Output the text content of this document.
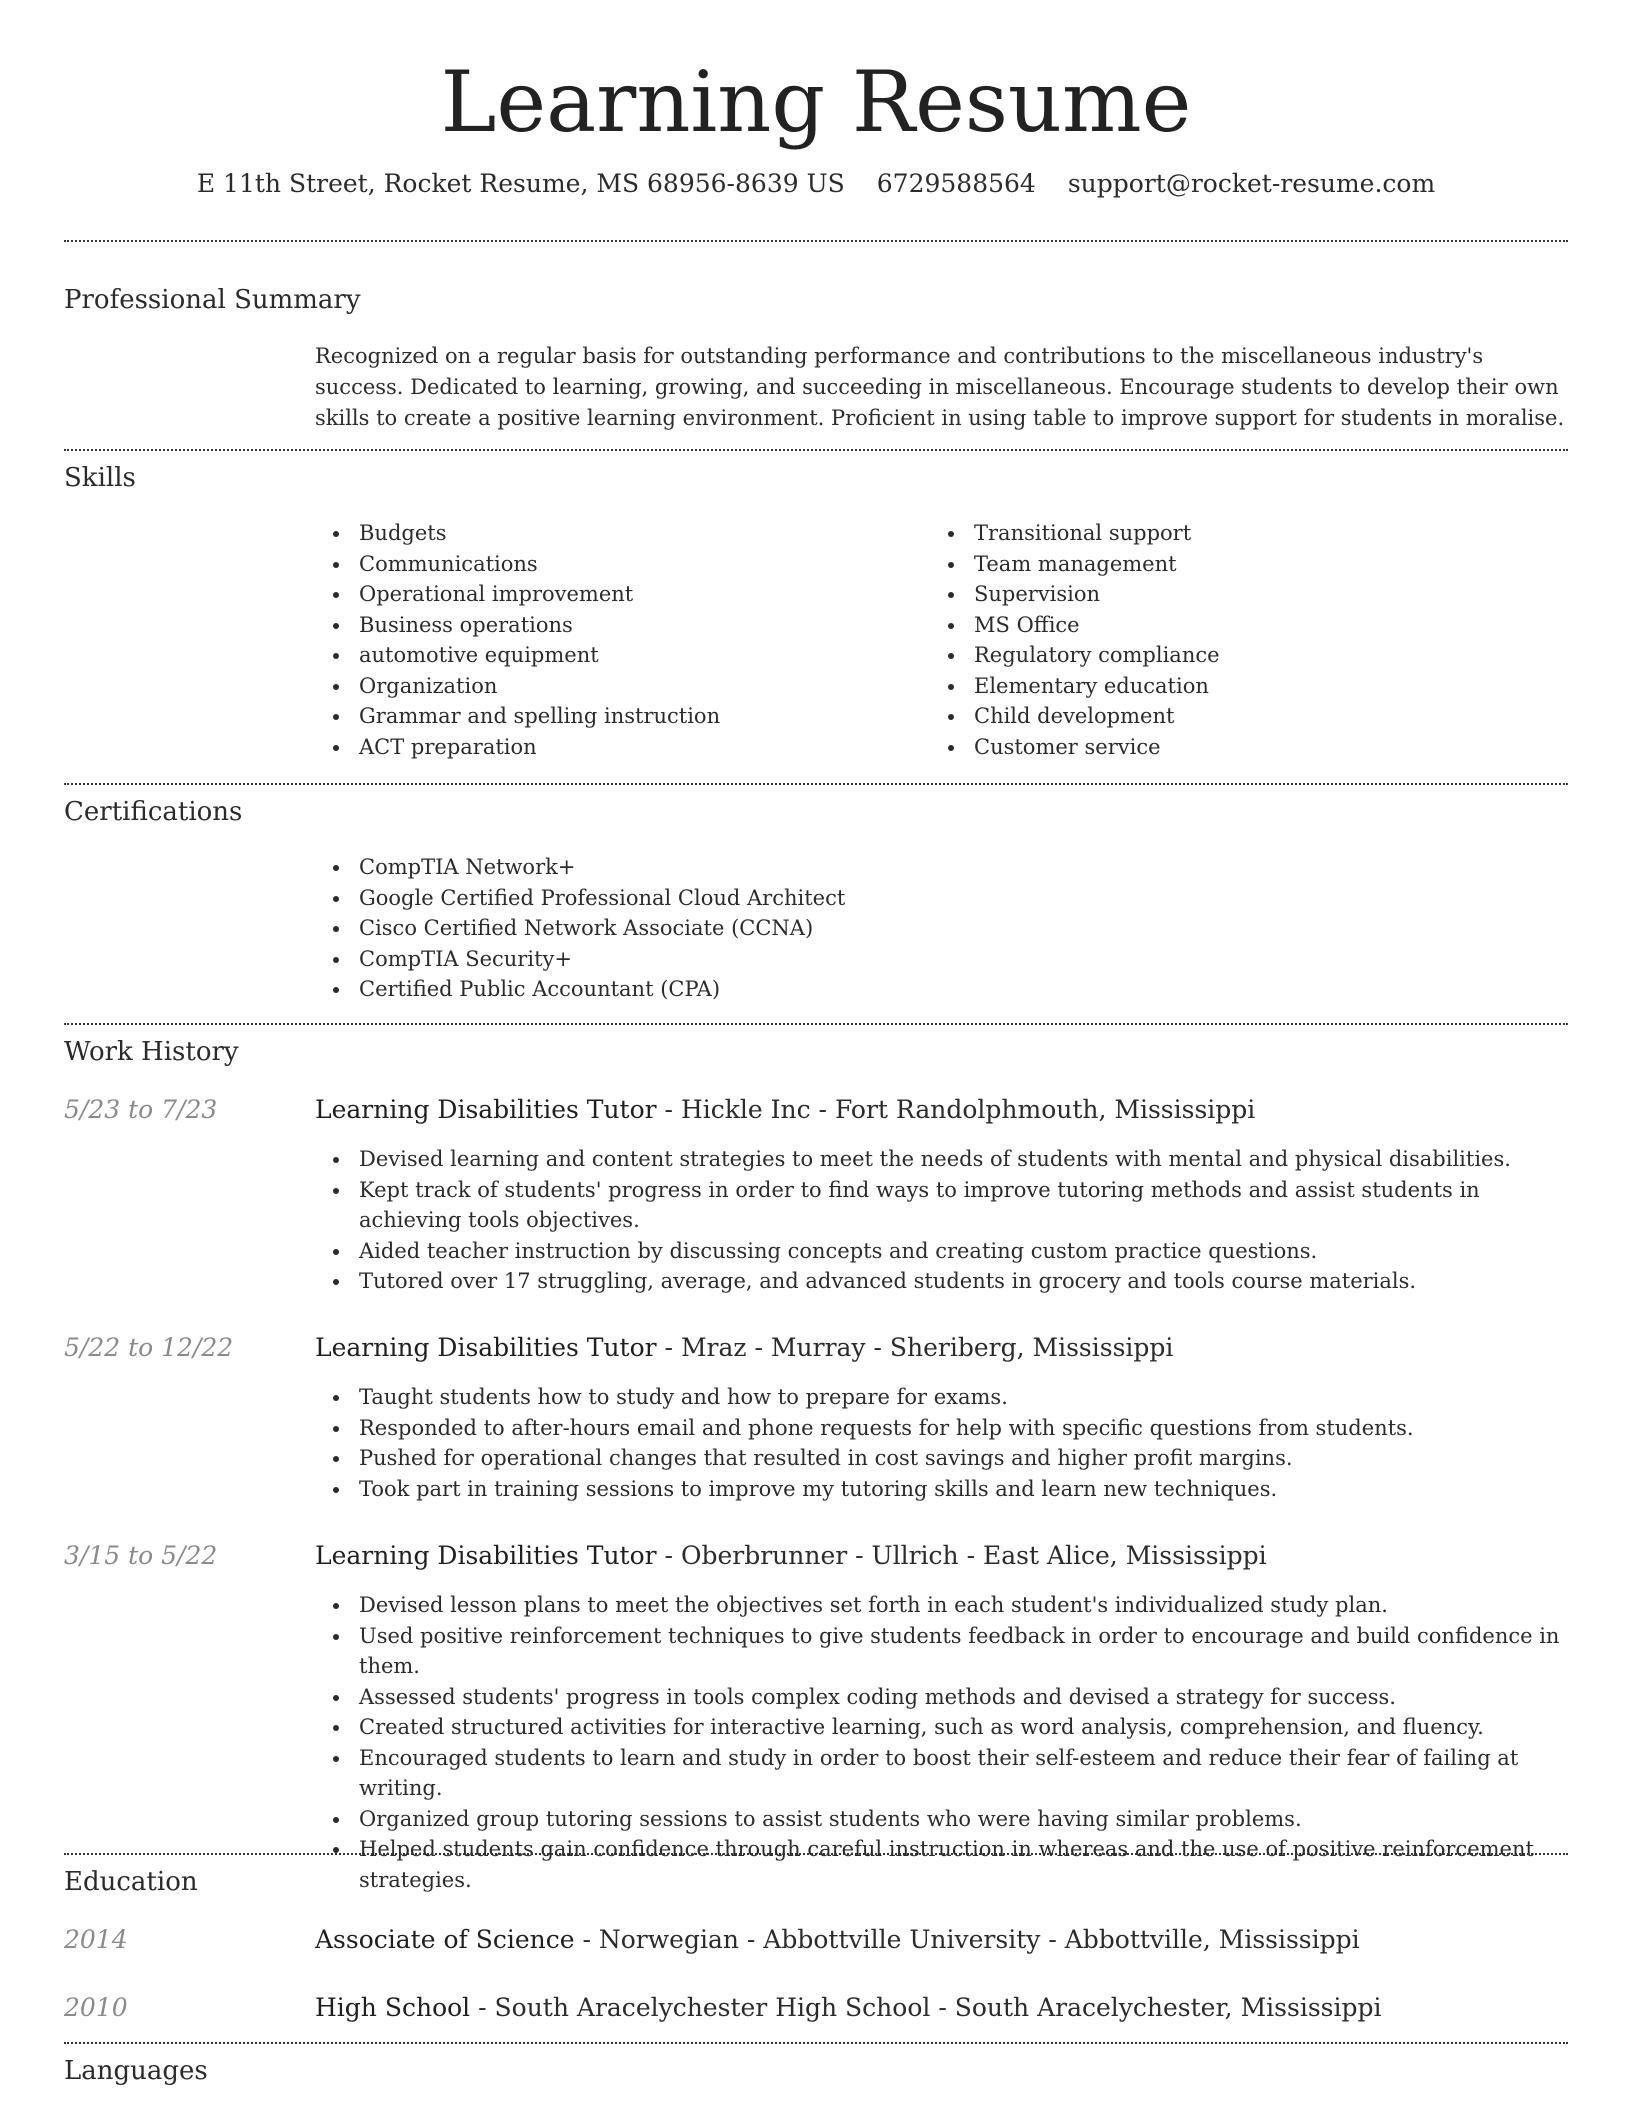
Learning Resume
E 11th Street, Rocket Resume, MS 68956-8639 US 6729588564 support@rocket-resume.com
Professional Summary
Recognized on a regular basis for outstanding performance and contributions to the miscellaneous industry's success. Dedicated to learning, growing, and succeeding in miscellaneous. Encourage students to develop their own skills to create a positive learning environment. Proficient in using table to improve support for students in moralise.
Skills
Budgets
Communications
Operational improvement
Business operations
automotive equipment
Organization
Grammar and spelling instruction
ACT preparation
Transitional support
Team management
Supervision
MS Office
Regulatory compliance
Elementary education
Child development
Customer service
Certifications
CompTIA Network+
Google Certified Professional Cloud Architect
Cisco Certified Network Associate (CCNA)
CompTIA Security+
Certified Public Accountant (CPA)
Work History
5/23 to 7/23	Learning Disabilities Tutor - Hickle Inc - Fort Randolphmouth, Mississippi
Devised learning and content strategies to meet the needs of students with mental and physical disabilities.
Kept track of students' progress in order to find ways to improve tutoring methods and assist students in achieving tools objectives.
Aided teacher instruction by discussing concepts and creating custom practice questions.
Tutored over 17 struggling, average, and advanced students in grocery and tools course materials.
5/22 to 12/22	Learning Disabilities Tutor - Mraz - Murray - Sheriberg, Mississippi
Taught students how to study and how to prepare for exams.
Responded to after-hours email and phone requests for help with specific questions from students.
Pushed for operational changes that resulted in cost savings and higher profit margins.
Took part in training sessions to improve my tutoring skills and learn new techniques.
3/15 to 5/22	Learning Disabilities Tutor - Oberbrunner - Ullrich - East Alice, Mississippi
Devised lesson plans to meet the objectives set forth in each student's individualized study plan.
Used positive reinforcement techniques to give students feedback in order to encourage and build confidence in them.
Assessed students' progress in tools complex coding methods and devised a strategy for success.
Created structured activities for interactive learning, such as word analysis, comprehension, and fluency.
Encouraged students to learn and study in order to boost their self-esteem and reduce their fear of failing at writing.
Organized group tutoring sessions to assist students who were having similar problems.
Helped students gain confidence through careful instruction in whereas and the use of positive reinforcement strategies.
Education
2014	Associate of Science - Norwegian - Abbottville University - Abbottville, Mississippi
2010	High School - South Aracelychester High School - South Aracelychester, Mississippi
Languages
